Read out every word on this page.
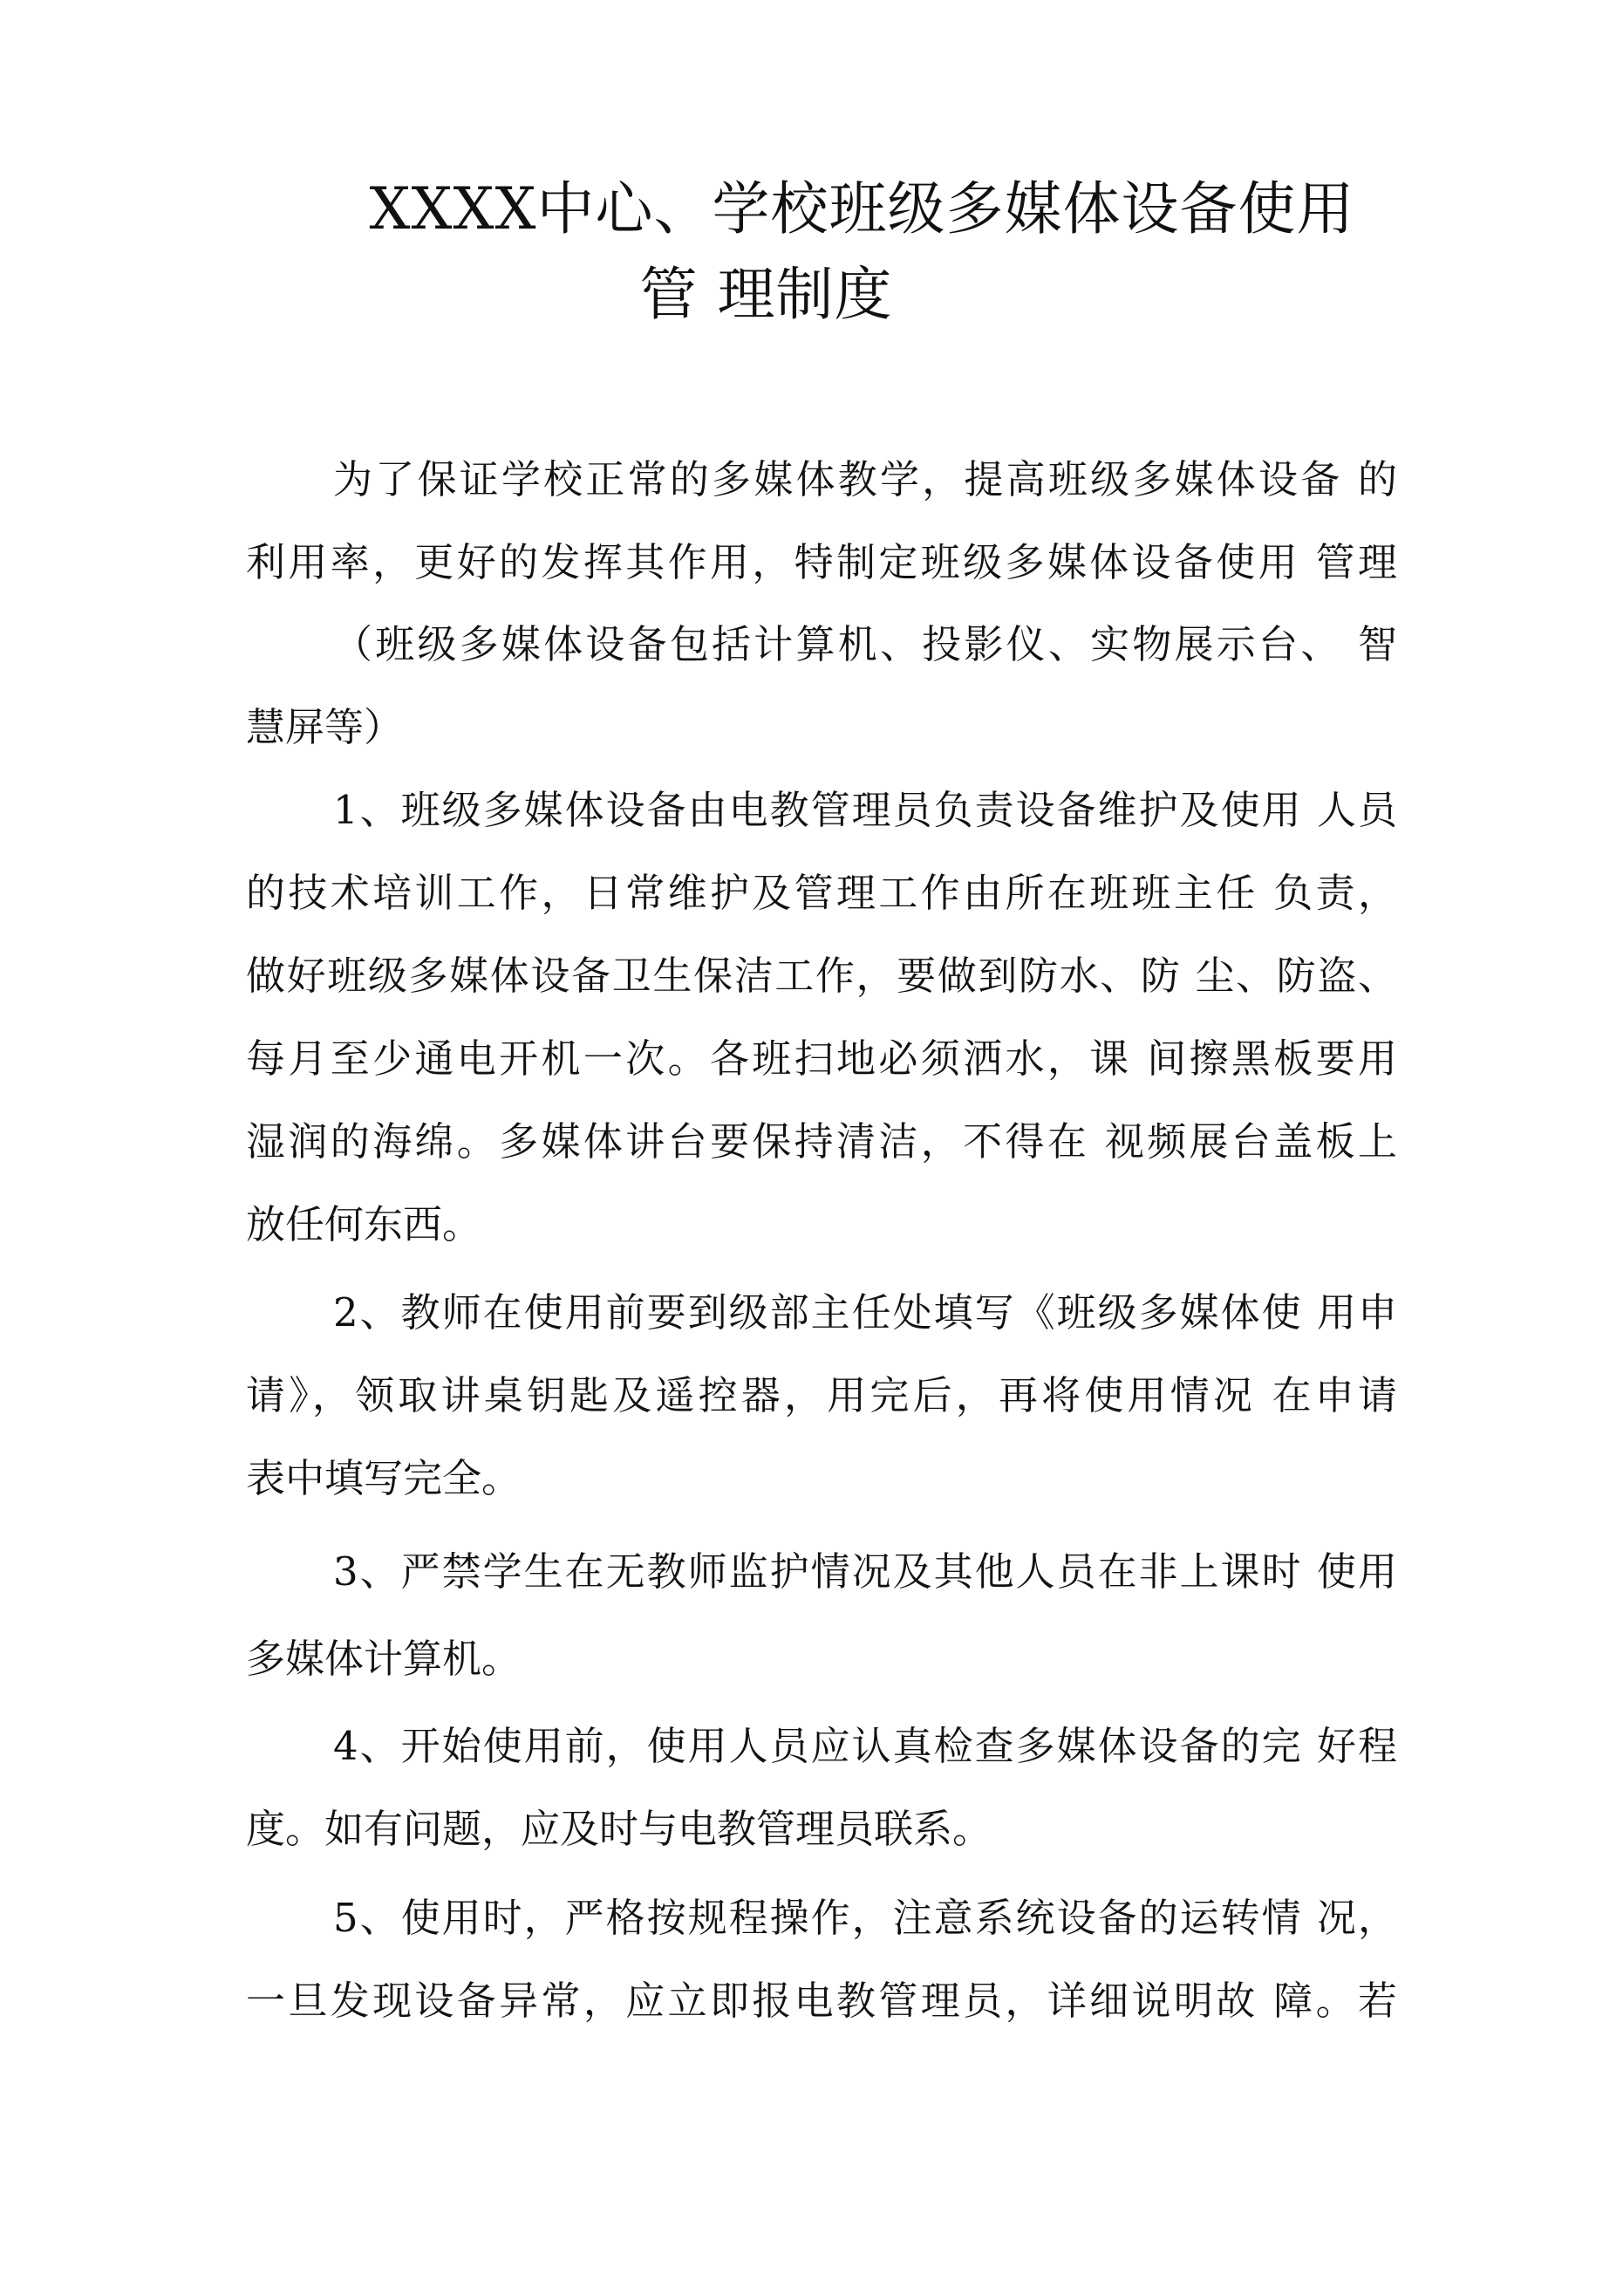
XXXX中心、学校班级多媒体设备使用
管 理制度
为了保证学校正常的多媒体教学，提高班级多媒体设备 的
利用率，更好的发挥其作用，特制定班级多媒体设备使用 管理
（班级多媒体设备包括计算机、投影仪、实物展示台、 智
慧屏等）
1、班级多媒体设备由电教管理员负责设备维护及使用 人员
的技术培训工作，日常维护及管理工作由所在班班主任 负责，
做好班级多媒体设备卫生保洁工作，要做到防水、防 尘、防盗、
每月至少通电开机一次。各班扫地必须洒水，课 间擦黑板要用
湿润的海绵。多媒体讲台要保持清洁，不得在 视频展台盖板上
放任何东西。
2、教师在使用前要到级部主任处填写《班级多媒体使 用申
请》，领取讲桌钥匙及遥控器，用完后，再将使用情况 在申请
表中填写完全。
3、严禁学生在无教师监护情况及其他人员在非上课时 使用
多媒体计算机。
4、开始使用前，使用人员应认真检查多媒体设备的完 好程
度。如有问题，应及时与电教管理员联系。
5、使用时，严格按规程操作，注意系统设备的运转情 况，
一旦发现设备异常，应立即报电教管理员，详细说明故 障。若
